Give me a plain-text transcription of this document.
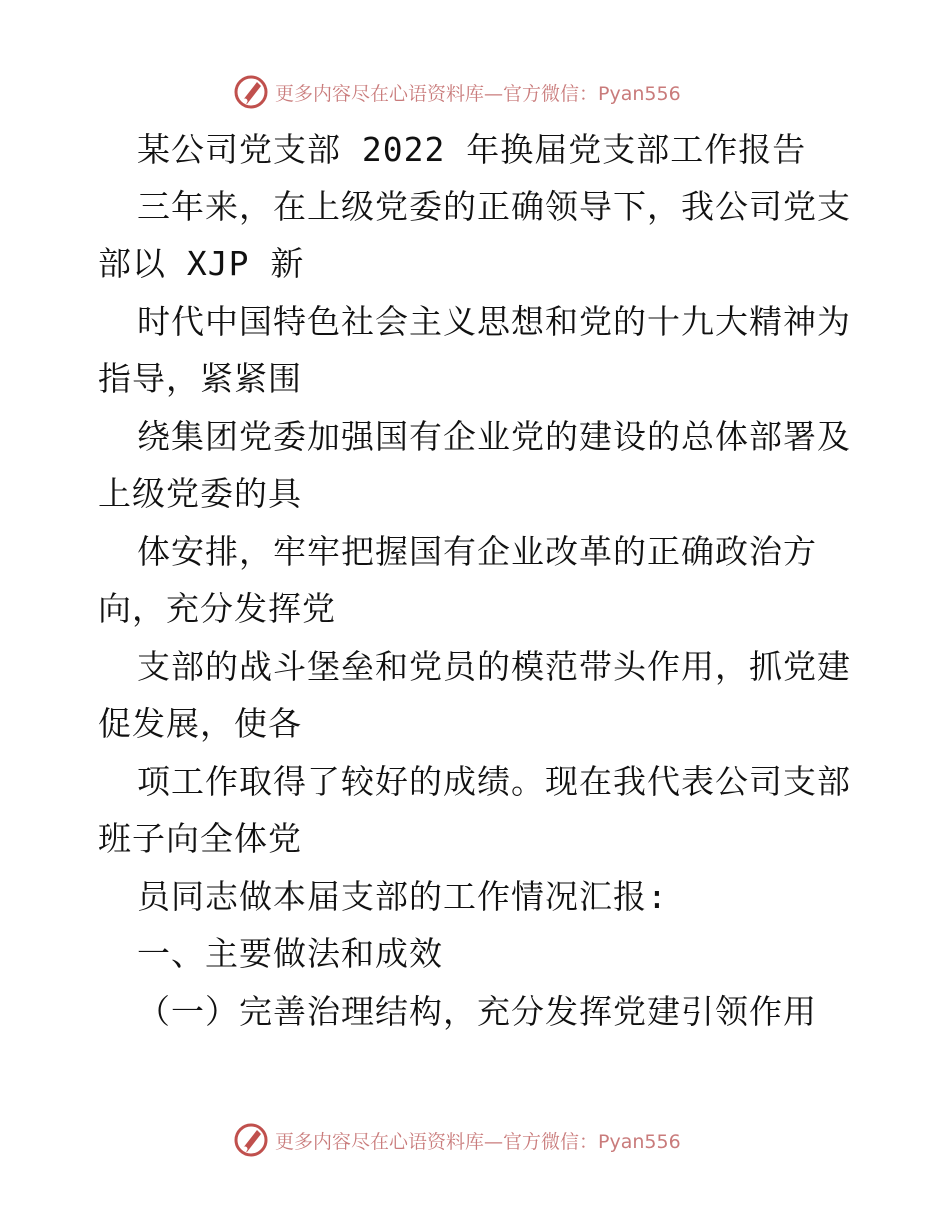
更多内容尽在心语资料库—官方微信：Pyan556
某公司党支部 2022 年换届党支部工作报告
三年来，在上级党委的正确领导下，我公司党支
部以 XJP 新
时代中国特色社会主义思想和党的十九大精神为
指导，紧紧围
绕集团党委加强国有企业党的建设的总体部署及
上级党委的具
体安排，牢牢把握国有企业改革的正确政治方
向，充分发挥党
支部的战斗堡垒和党员的模范带头作用，抓党建
促发展，使各
项工作取得了较好的成绩。现在我代表公司支部
班子向全体党
员同志做本届支部的工作情况汇报:
一、主要做法和成效
（一）完善治理结构，充分发挥党建引领作用
更多内容尽在心语资料库—官方微信：Pyan556
